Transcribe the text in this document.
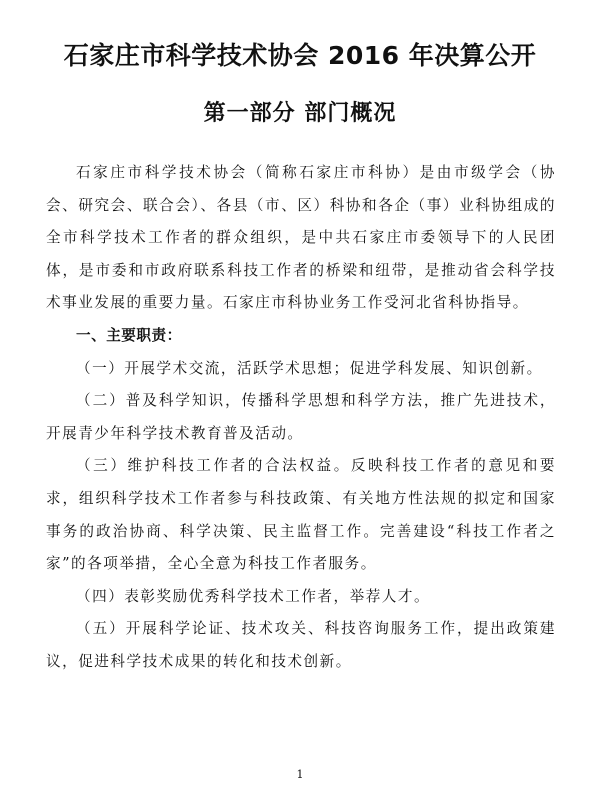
石家庄市科学技术协会 2016 年决算公开
第一部分 部门概况

石家庄市科学技术协会（简称石家庄市科协）是由市级学会（协会、研究会、联合会）、各县（市、区）科协和各企（事）业科协组成的全市科学技术工作者的群众组织，是中共石家庄市委领导下的人民团体，是市委和市政府联系科技工作者的桥梁和纽带，是推动省会科学技术事业发展的重要力量。石家庄市科协业务工作受河北省科协指导。

一、主要职责：

（一）开展学术交流，活跃学术思想；促进学科发展、知识创新。

（二）普及科学知识，传播科学思想和科学方法，推广先进技术，开展青少年科学技术教育普及活动。

（三）维护科技工作者的合法权益。反映科技工作者的意见和要求，组织科学技术工作者参与科技政策、有关地方性法规的拟定和国家事务的政治协商、科学决策、民主监督工作。完善建设“科技工作者之家”的各项举措，全心全意为科技工作者服务。

（四）表彰奖励优秀科学技术工作者，举荐人才。

（五）开展科学论证、技术攻关、科技咨询服务工作，提出政策建议，促进科学技术成果的转化和技术创新。

1
